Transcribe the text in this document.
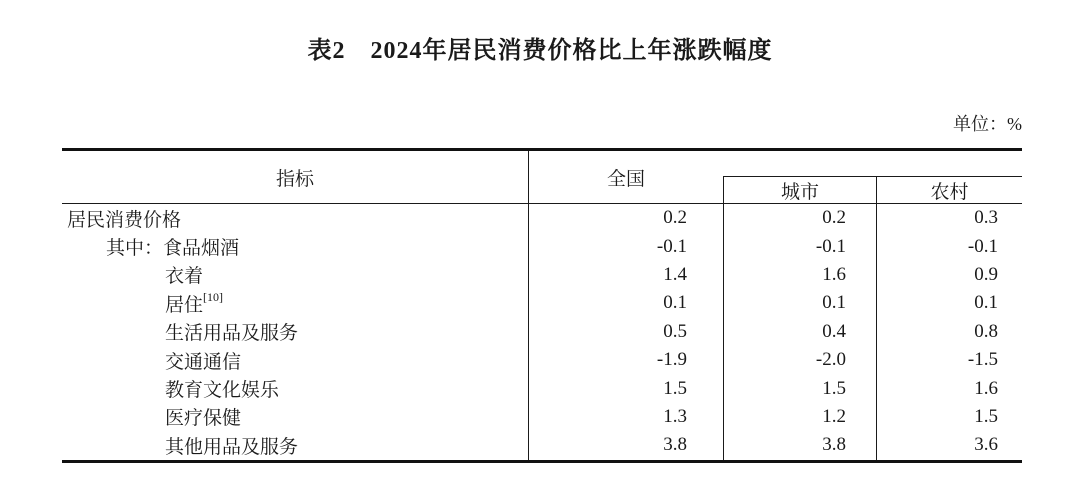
表2　2024年居民消费价格比上年涨跌幅度
单位：%
指标	全国
城市	农村
居民消费价格	0.2	0.2	0.3
其中： 食品烟酒	-0.1	-0.1	-0.1
衣着	1.4	1.6	0.9
居住[10]	0.1	0.1	0.1
生活用品及服务	0.5	0.4	0.8
交通通信	-1.9	-2.0	-1.5
教育文化娱乐	1.5	1.5	1.6
医疗保健	1.3	1.2	1.5
其他用品及服务	3.8	3.8	3.6
